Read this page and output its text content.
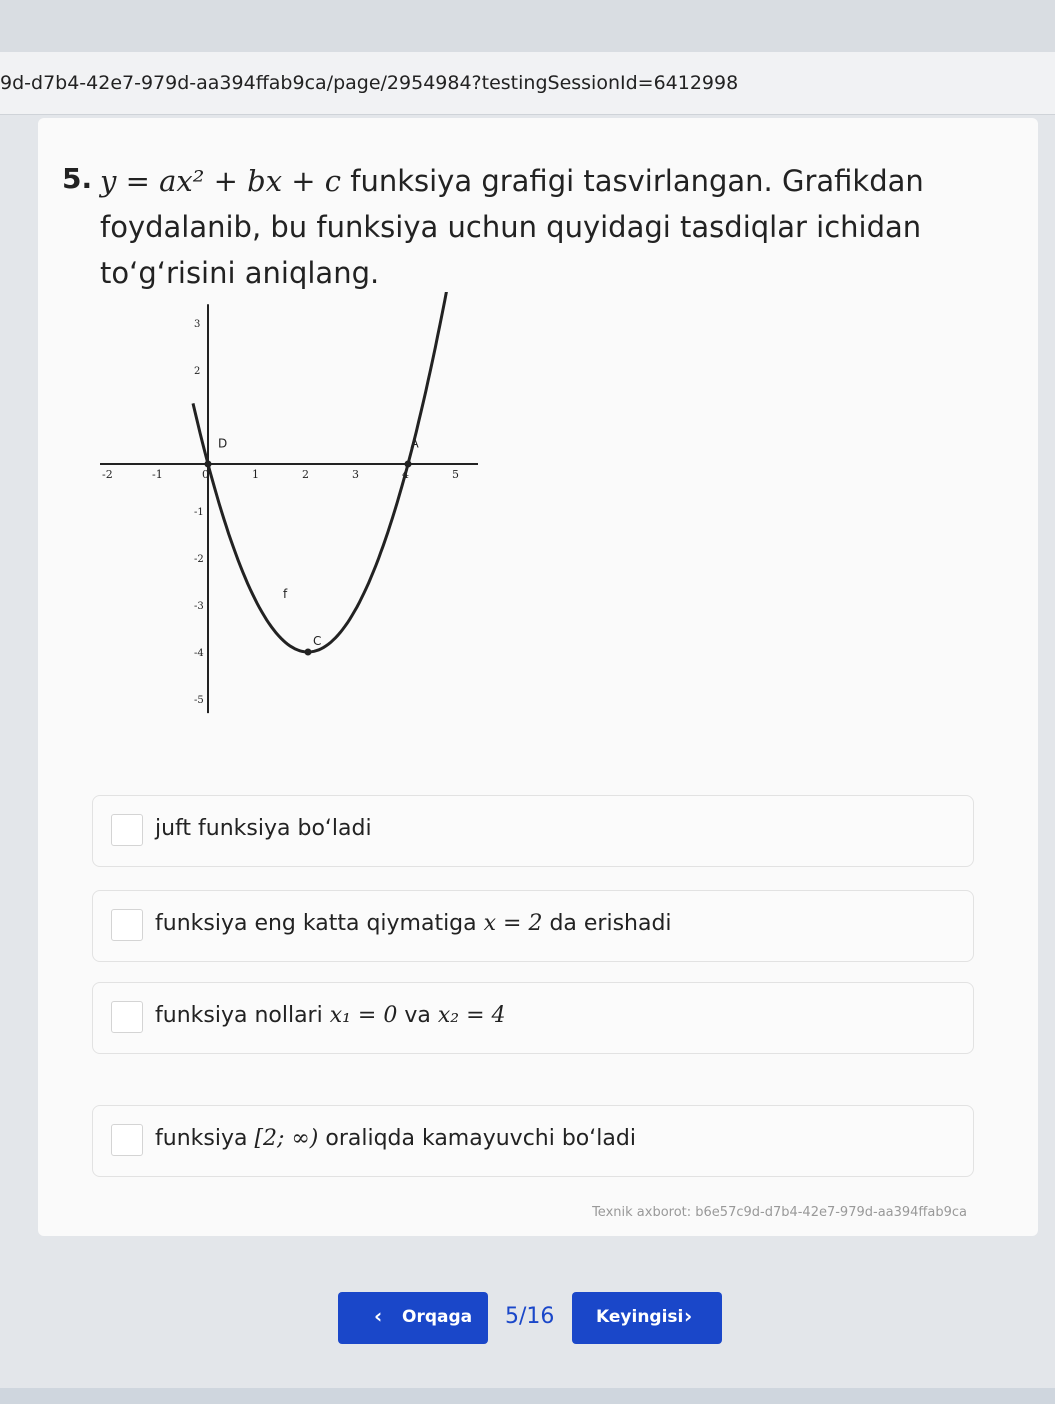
9d-d7b4-42e7-979d-aa394ffab9ca/page/2954984?testingSessionId=6412998
5. y = ax² + bx + c funksiya grafigi tasvirlangan. Grafikdan
foydalanib, bu funksiya uchun quyidagi tasdiqlar ichidan
to‘g‘risini aniqlang.
-2	-1	0	1	2	3	4	5
3
2
-1
-2
-3
-4
-5
D	A
C
f
juft funksiya bo‘ladi
funksiya eng katta qiymatiga x = 2 da erishadi
funksiya nollari x₁ = 0 va x₂ = 4
funksiya [2; ∞) oraliqda kamayuvchi bo‘ladi
Texnik axborot: b6e57c9d-d7b4-42e7-979d-aa394ffab9ca
‹ Orqaga 5/16 Keyingisi ›
